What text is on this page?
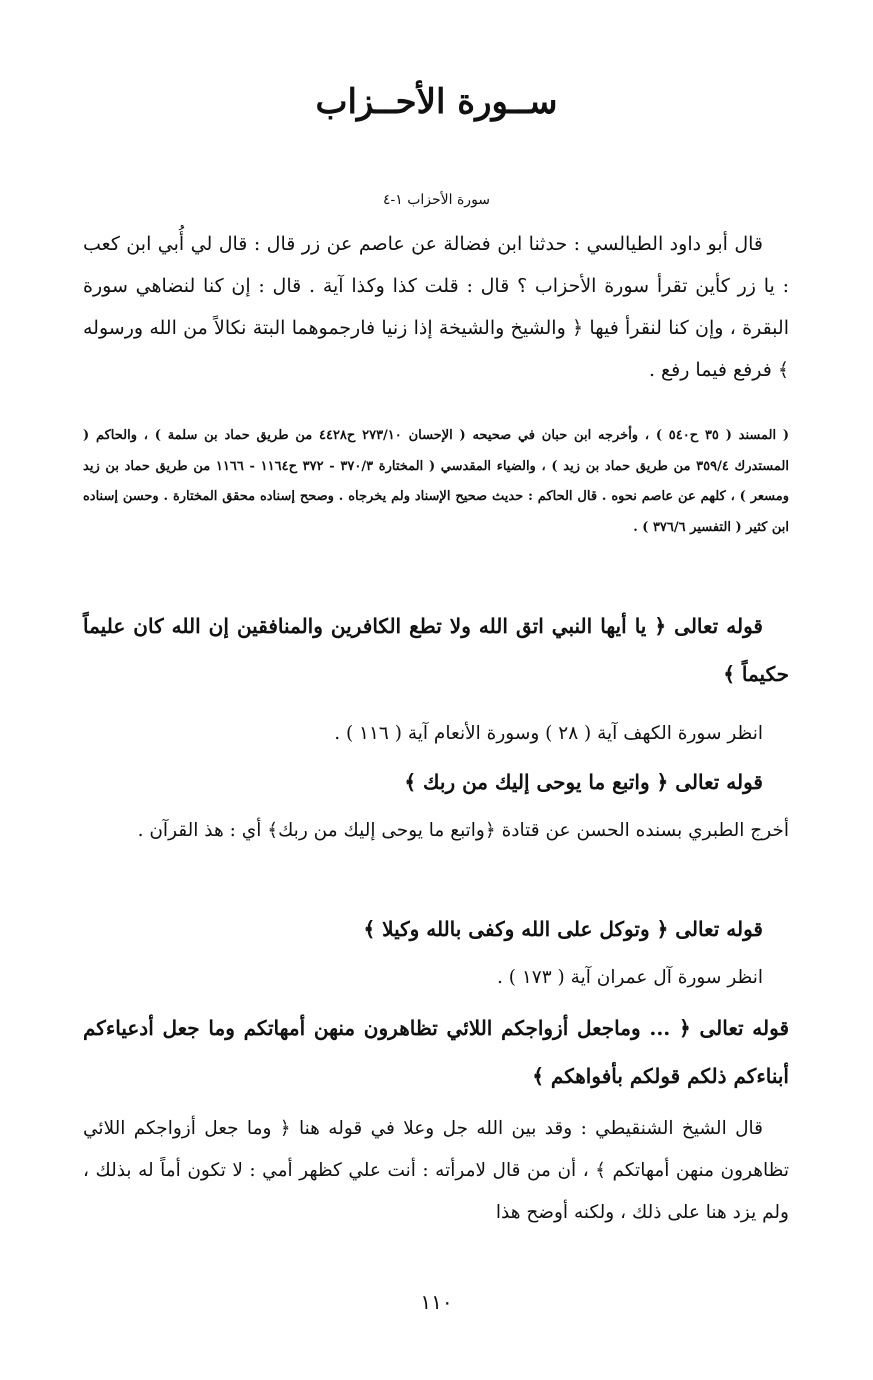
ســورة الأحــزاب
سورة الأحزاب ١-٤

قال أبو داود الطيالسي : حدثنا ابن فضالة عن عاصم عن زر قال : قال لي أُبي ابن كعب : يا زر كأين تقرأ سورة الأحزاب ؟ قال : قلت كذا وكذا آية . قال : إن كنا لنضاهي سورة البقرة ، وإن كنا لنقرأ فيها ﴿ والشيخ والشيخة إذا زنيا فارجموهما البتة نكالاً من الله ورسوله ﴾ فرفع فيما رفع .

( المسند ( ٣٥ ح٥٤٠ ) ، وأخرجه ابن حبان في صحيحه ( الإحسان ٢٧٣/١٠ ح٤٤٢٨ من طريق حماد بن سلمة ) ، والحاكم ( المستدرك ٣٥٩/٤ من طريق حماد بن زيد ) ، والضياء المقدسي ( المختارة ٣٧٠/٣ - ٣٧٢ ح١١٦٤ - ١١٦٦ من طريق حماد بن زيد ومسعر ) ، كلهم عن عاصم نحوه . قال الحاكم : حديث صحيح الإسناد ولم يخرجاه . وصحح إسناده محقق المختارة . وحسن إسناده ابن كثير ( التفسير ٣٧٦/٦ ) .

قوله تعالى ﴿ يا أيها النبي اتق الله ولا تطع الكافرين والمنافقين إن الله كان عليماً حكيماً ﴾

انظر سورة الكهف آية ( ٢٨ ) وسورة الأنعام آية ( ١١٦ ) .

قوله تعالى ﴿ واتبع ما يوحى إليك من ربك ﴾

أخرج الطبري بسنده الحسن عن قتادة ﴿واتبع ما يوحى إليك من ربك﴾ أي : هذ القرآن .

قوله تعالى ﴿ وتوكل على الله وكفى بالله وكيلا ﴾

انظر سورة آل عمران آية ( ١٧٣ ) .

قوله تعالى ﴿ ... وماجعل أزواجكم اللائي تظاهرون منهن أمهاتكم وما جعل أدعياءكم أبناءكم ذلكم قولكم بأفواهكم ﴾

قال الشيخ الشنقيطي : وقد بين الله جل وعلا في قوله هنا ﴿ وما جعل أزواجكم اللائي تظاهرون منهن أمهاتكم ﴾ ، أن من قال لامرأته : أنت علي كظهر أمي : لا تكون أماً له بذلك ، ولم يزد هنا على ذلك ، ولكنه أوضح هذا

١١٠
